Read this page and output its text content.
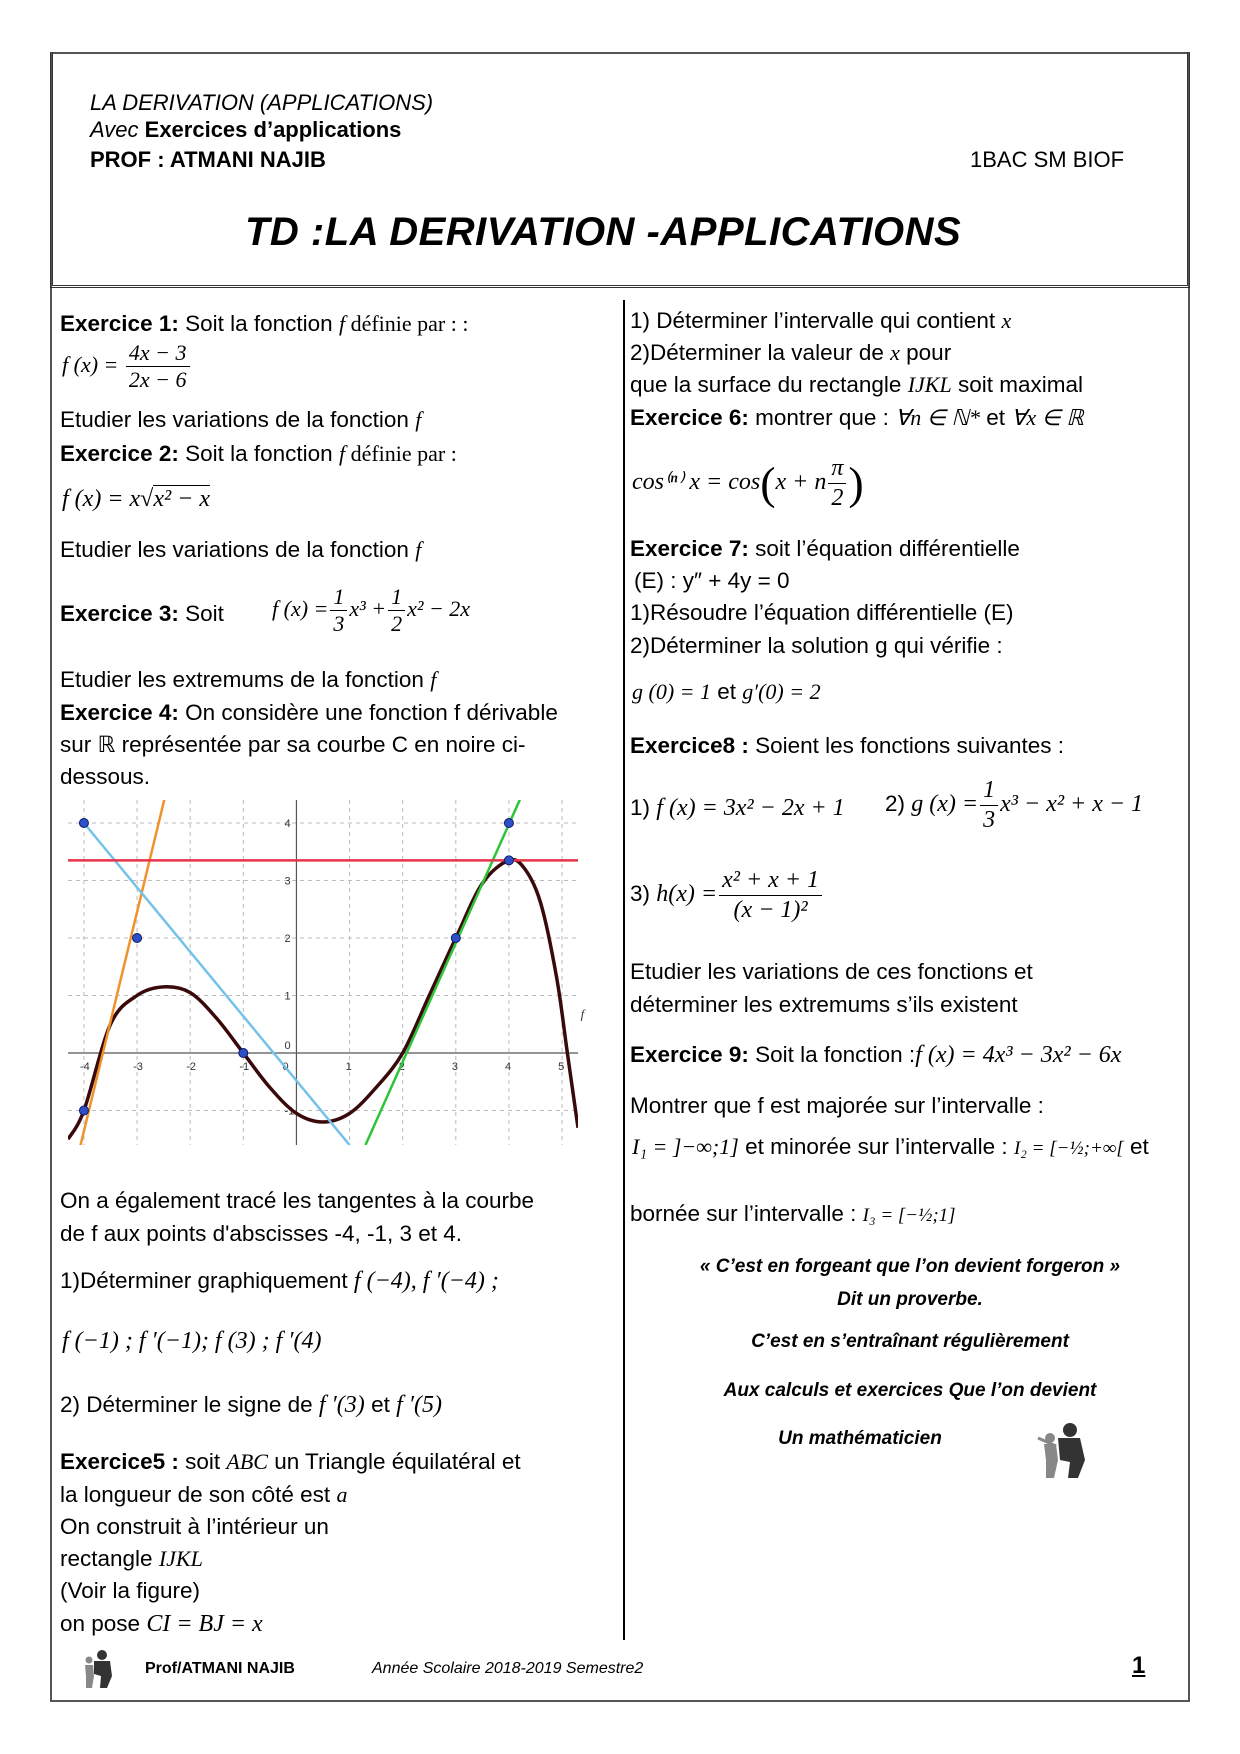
LA DERIVATION (APPLICATIONS)
Avec Exercices d’applications
PROF : ATMANI NAJIB	1BAC SM BIOF
TD :LA DERIVATION -APPLICATIONS
Exercice 1: Soit la fonction f définie par : :
f $(x) = \frac{4x - 3}{2x - 6}$
Etudier les variations de la fonction f
Exercice 2: Soit la fonction f définie par :
f (x) = x√x² − x
Etudier les variations de la fonction f
Exercice 3: Soit f $(x) = \frac{1}{3} x^3 + \frac{1}{2} x^2 - 2x$
Etudier les extremums de la fonction f
Exercice 4: On considère une fonction f dérivable
sur ℝ représentée par sa courbe C en noire ci-
dessous.
-4	-3	-2	-1	0	1	2	3	4	5
-1
0
1
2
3
4
f
On a également tracé les tangentes à la courbe
de f aux points d'abscisses -4, -1, 3 et 4.
1)Déterminer graphiquement f (−4), f ′(−4) ;
f (−1) ; f ′(−1); f (3) ; f ′(4)
2) Déterminer le signe de f ′(3) et f ′(5)
Exercice5 : soit ABC un Triangle équilatéral et
la longueur de son côté est a
On construit à l’intérieur un
rectangle IJKL
(Voir la figure)
on pose CI = BJ = x
1) Déterminer l’intervalle qui contient x
2)Déterminer la valeur de x pour
que la surface du rectangle IJKL soit maximal
Exercice 6: montrer que : ∀n ∈ ℕ* et ∀x ∈ ℝ
cos⁽ⁿ⁾ x = cos(x + n $\frac{\pi}{2}$ )
Exercice 7: soit l’équation différentielle
(E) : y″ + 4y = 0
1)Résoudre l’équation différentielle (E)
2)Déterminer la solution g qui vérifie :
g (0) = 1 et g′(0) = 2
Exercice8 : Soient les fonctions suivantes :
1) f (x) = 3x² − 2x + 1 2) g $(x) = \frac{1}{3} x^3 - x^2 + x - 1$
3) $h(x) = \frac{\text{x² + x + 1}}{\text{(x − 1)²}}$
Etudier les variations de ces fonctions et
déterminer les extremums s’ils existent
Exercice 9: Soit la fonction :f (x) = 4x³ − 3x² − 6x
Montrer que f est majorée sur l’intervalle :
I₁ = ]−∞;1] et minorée sur l’intervalle : I₂ = [−½;+∞[ et
bornée sur l’intervalle : I₃ = [−½;1]
« C’est en forgeant que l’on devient forgeron »
Dit un proverbe.
C’est en s’entraînant régulièrement
Aux calculs et exercices Que l’on devient
Un mathématicien
Prof/ATMANI NAJIB	Année Scolaire 2018-2019 Semestre2	1
